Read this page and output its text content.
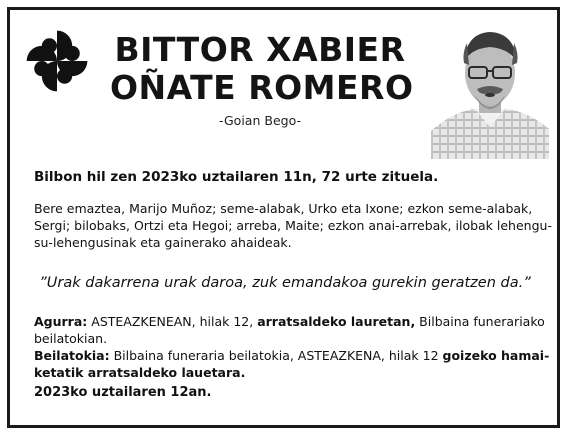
BITTOR XABIER
OÑATE ROMERO
-Goian Bego-
Bilbon hil zen 2023ko uztailaren 11n, 72 urte zituela.
Bere emaztea, Marijo Muñoz; seme-alabak, Urko eta Ixone; ezkon seme-alabak,
Sergi; bilobaks, Ortzi eta Hegoi; arreba, Maite; ezkon anai-arrebak, ilobak lehengu-
su-lehengusinak eta gainerako ahaideak.
”Urak dakarrena urak daroa, zuk emandakoa gurekin geratzen da.”
Agurra: ASTEAZKENEAN, hilak 12, arratsaldeko lauretan, Bilbaina funerariako
beilatokian.
Beilatokia: Bilbaina funeraria beilatokia, ASTEAZKENA, hilak 12 goizeko hamai-
ketatik arratsaldeko lauetara.
2023ko uztailaren 12an.
